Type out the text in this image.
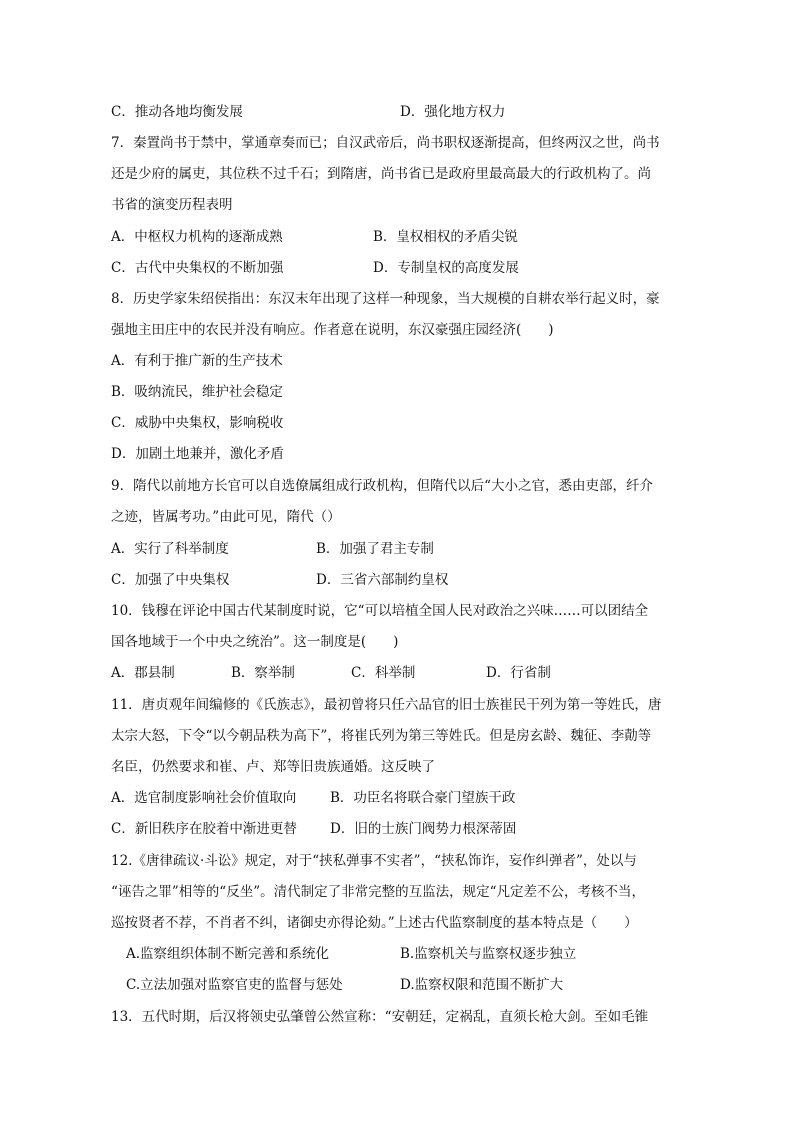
C．推动各地均衡发展	D．强化地方权力
7．秦置尚书于禁中，掌通章奏而已；自汉武帝后，尚书职权逐渐提高，但终两汉之世，尚书
还是少府的属吏，其位秩不过千石；到隋唐，尚书省已是政府里最高最大的行政机构了。尚
书省的演变历程表明
A．中枢权力机构的逐渐成熟	B．皇权相权的矛盾尖锐
C．古代中央集权的不断加强	D．专制皇权的高度发展
8．历史学家朱绍侯指出：东汉末年出现了这样一种现象，当大规模的自耕农举行起义时，豪
强地主田庄中的农民并没有响应。作者意在说明，东汉豪强庄园经济(　　)
A．有利于推广新的生产技术
B．吸纳流民，维护社会稳定
C．威胁中央集权，影响税收
D．加剧土地兼并，激化矛盾
9．隋代以前地方长官可以自选僚属组成行政机构，但隋代以后“大小之官，悉由吏部，纤介
之迹，皆属考功。”由此可见，隋代（）
A．实行了科举制度	B．加强了君主专制
C．加强了中央集权	D．三省六部制约皇权
10．钱穆在评论中国古代某制度时说，它“可以培植全国人民对政治之兴味……可以团结全
国各地域于一个中央之统治”。这一制度是(　　)
A．郡县制	B．察举制	C．科举制	D．行省制
11．唐贞观年间编修的《氏族志》，最初曾将只任六品官的旧士族崔民干列为第一等姓氏，唐
太宗大怒，下令“以今朝品秩为高下”，将崔氏列为第三等姓氏。但是房玄龄、魏征、李勣等
名臣，仍然要求和崔、卢、郑等旧贵族通婚。这反映了
A．选官制度影响社会价值取向	B．功臣名将联合豪门望族干政
C．新旧秩序在胶着中渐进更替 D．旧的士族门阀势力根深蒂固
12.《唐律疏议·斗讼》规定，对于“挟私弹事不实者”，“挟私饰诈，妄作纠弹者”，处以与
“诬告之罪”相等的“反坐”。清代制定了非常完整的互监法，规定“凡定差不公，考核不当，
巡按贤者不荐，不肖者不纠，诸御史亦得论劾。”上述古代监察制度的基本特点是（　　）
A.监察组织体制不断完善和系统化	B.监察机关与监察权逐步独立
C.立法加强对监察官吏的监督与惩处	D.监察权限和范围不断扩大
13．五代时期，后汉将领史弘肇曾公然宣称：“安朝廷，定祸乱，直须长枪大剑。至如毛锥
